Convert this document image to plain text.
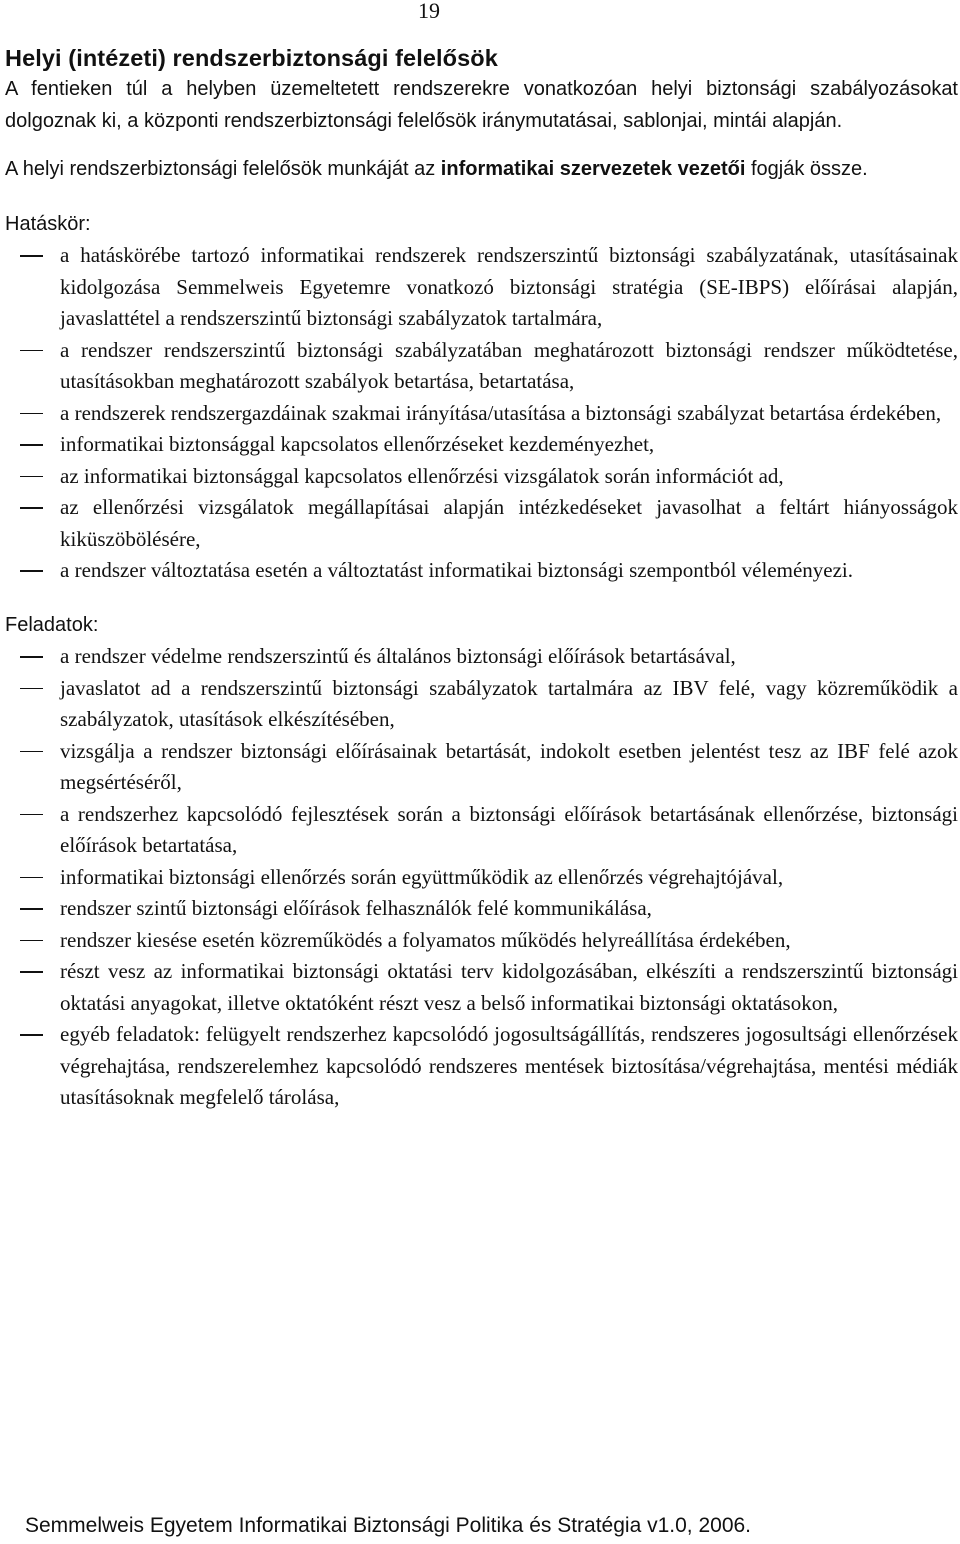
19
Helyi (intézeti) rendszerbiztonsági felelősök

A fentieken túl a helyben üzemeltetett rendszerekre vonatkozóan helyi biztonsági szabályozásokat dolgoznak ki, a központi rendszerbiztonsági felelősök iránymutatásai, sablonjai, mintái alapján.

A helyi rendszerbiztonsági felelősök munkáját az informatikai szervezetek vezetői fogják össze.

Hatáskör:
a hatáskörébe tartozó informatikai rendszerek rendszerszintű biztonsági szabályzatának, utasításainak kidolgozása Semmelweis Egyetemre vonatkozó biztonsági stratégia (SE-IBPS) előírásai alapján, javaslattétel a rendszerszintű biztonsági szabályzatok tartalmára,
a rendszer rendszerszintű biztonsági szabályzatában meghatározott biztonsági rendszer működtetése, utasításokban meghatározott szabályok betartása, betartatása,
a rendszerek rendszergazdáinak szakmai irányítása/utasítása a biztonsági szabályzat betartása érdekében,
informatikai biztonsággal kapcsolatos ellenőrzéseket kezdeményezhet,
az informatikai biztonsággal kapcsolatos ellenőrzési vizsgálatok során információt ad,
az ellenőrzési vizsgálatok megállapításai alapján intézkedéseket javasolhat a feltárt hiányosságok kiküszöbölésére,
a rendszer változtatása esetén a változtatást informatikai biztonsági szempontból véleményezi.
Feladatok:
a rendszer védelme rendszerszintű és általános biztonsági előírások betartásával,
javaslatot ad a rendszerszintű biztonsági szabályzatok tartalmára az IBV felé, vagy közreműködik a szabályzatok, utasítások elkészítésében,
vizsgálja a rendszer biztonsági előírásainak betartását, indokolt esetben jelentést tesz az IBF felé azok megsértéséről,
a rendszerhez kapcsolódó fejlesztések során a biztonsági előírások betartásának ellenőrzése, biztonsági előírások betartatása,
informatikai biztonsági ellenőrzés során együttműködik az ellenőrzés végrehajtójával,
rendszer szintű biztonsági előírások felhasználók felé kommunikálása,
rendszer kiesése esetén közreműködés a folyamatos működés helyreállítása érdekében,
részt vesz az informatikai biztonsági oktatási terv kidolgozásában, elkészíti a rendszerszintű biztonsági oktatási anyagokat, illetve oktatóként részt vesz a belső informatikai biztonsági oktatásokon,
egyéb feladatok: felügyelt rendszerhez kapcsolódó jogosultságállítás, rendszeres jogosultsági ellenőrzések végrehajtása, rendszerelemhez kapcsolódó rendszeres mentések biztosítása/végrehajtása, mentési médiák utasításoknak megfelelő tárolása,
Semmelweis Egyetem Informatikai Biztonsági Politika és Stratégia v1.0, 2006.
